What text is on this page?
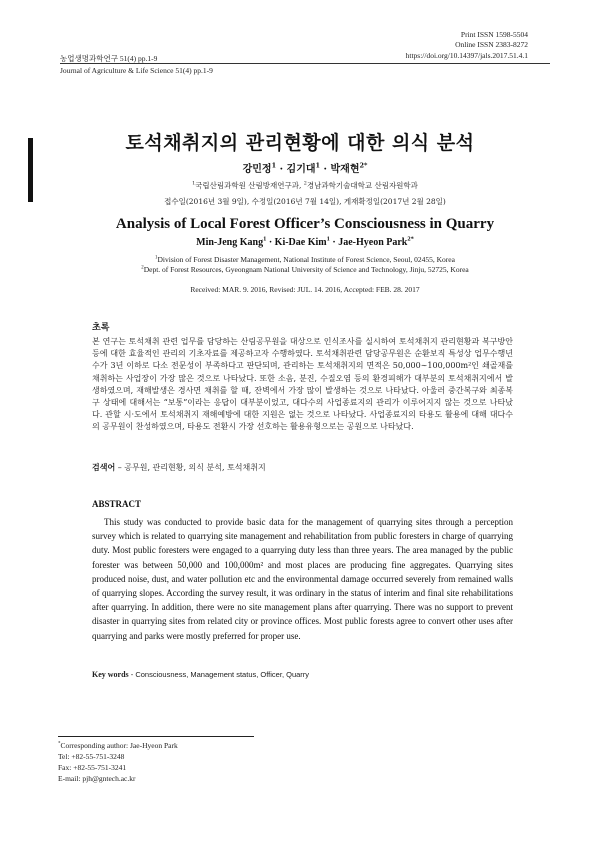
Print ISSN 1598-5504
Online ISSN 2383-8272
https://doi.org/10.14397/jals.2017.51.4.1
농업생명과학연구 51(4) pp.1-9
Journal of Agriculture & Life Science 51(4) pp.1-9
토석채취지의 관리현황에 대한 의식 분석
강민정$^1$ · 김기대$^1$ · 박재현$^{2*}$
$^1$국립산림과학원 산림방재연구과, $^2$경남과학기술대학교 산림자원학과
접수일(2016년 3월 9일), 수정일(2016년 7월 14일), 게재확정일(2017년 2월 28일)
Analysis of Local Forest Officer’s Consciousness in Quarry
Min-Jeng Kang$^1$ · Ki-Dae Kim$^1$ · Jae-Hyeon Park$^{2*}$
$^1$Division of Forest Disaster Management, National Institute of Forest Science, Seoul, 02455, Korea
$^2$Dept. of Forest Resources, Gyeongnam National University of Science and Technology, Jinju, 52725, Korea
Received: MAR. 9. 2016, Revised: JUL. 14. 2016, Accepted: FEB. 28. 2017
초록
본 연구는 토석채취 관련 업무를 담당하는 산림공무원을 대상으로 인식조사를 실시하여 토석채취지 관리현황과 복구방안 등에 대한 효율적인 관리의 기초자료를 제공하고자 수행하였다. 토석채취관련 담당공무원은 순환보직 특성상 업무수행년수가 3년 이하로 다소 전문성이 부족하다고 판단되며, 관리하는 토석채취지의 면적은 50,000∼100,000m²인 쇄골재를 채취하는 사업장이 가장 많은 것으로 나타났다. 또한 소음, 분진, 수질오염 등의 환경피해가 대부분의 토석채취지에서 발생하였으며, 재해발생은 경사면 채취를 할 때, 잔벽에서 가장 많이 발생하는 것으로 나타났다. 아울러 중간복구와 최종복구 상태에 대해서는 “보통”이라는 응답이 대부분이었고, 대다수의 사업종료지의 관리가 이루어지지 않는 것으로 나타났다. 관할 시·도에서 토석채취지 재해예방에 대한 지원은 없는 것으로 나타났다. 사업종료지의 타용도 활용에 대해 대다수의 공무원이 찬성하였으며, 타용도 전환시 가장 선호하는 활용유형으로는 공원으로 나타났다.
검색어 – 공무원, 관리현황, 의식 분석, 토석채취지
ABSTRACT
This study was conducted to provide basic data for the management of quarrying sites through a perception survey which is related to quarrying site management and rehabilitation from public foresters in charge of quarrying duty. Most public foresters were engaged to a quarrying duty less than three years. The area managed by the public forester was between 50,000 and 100,000m² and most places are producing fine aggregates. Quarrying sites produced noise, dust, and water pollution etc and the environmental damage occurred severely from remained walls of quarrying slopes. According the survey result, it was ordinary in the status of interim and final site rehabilitations after quarrying. In addition, there were no site management plans after quarrying. There was no support to prevent disaster in quarrying sites from related city or province offices. Most public forests agree to convert other uses after quarrying and parks were mostly preferred for proper use.
Key words - Consciousness, Management status, Officer, Quarry
*Corresponding author: Jae-Hyeon Park
Tel: +82-55-751-3248
Fax: +82-55-751-3241
E-mail: pjh@gntech.ac.kr
